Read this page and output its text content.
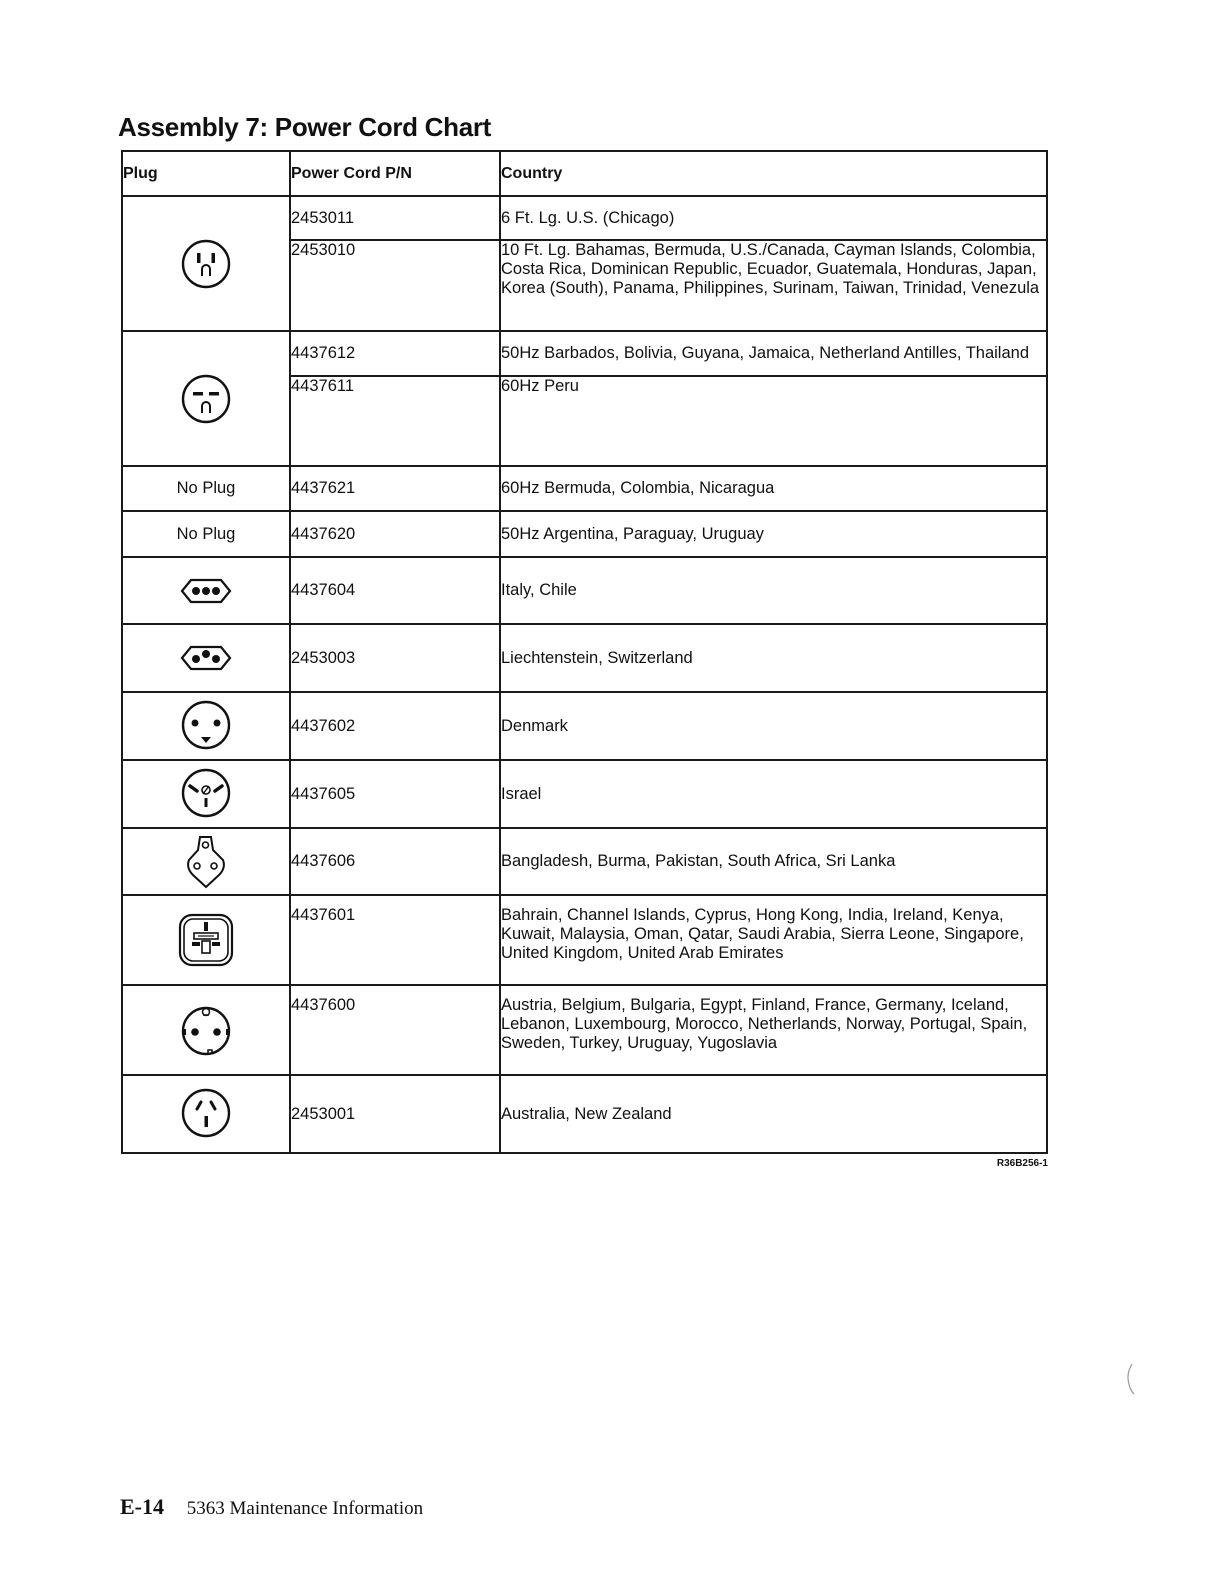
Assembly 7: Power Cord Chart
Plug	Power Cord P/N	Country
	2453011	6 Ft. Lg. U.S. (Chicago)
	2453010	10 Ft. Lg. Bahamas, Bermuda, U.S./Canada, Cayman Islands, Colombia, Costa Rica, Dominican Republic, Ecuador, Guatemala, Honduras, Japan, Korea (South), Panama, Philippines, Surinam, Taiwan, Trinidad, Venezula
	4437612	50Hz Barbados, Bolivia, Guyana, Jamaica, Netherland Antilles, Thailand
	4437611	60Hz Peru
No Plug	4437621	60Hz Bermuda, Colombia, Nicaragua
No Plug	4437620	50Hz Argentina, Paraguay, Uruguay
	4437604	Italy, Chile
	2453003	Liechtenstein, Switzerland
	4437602	Denmark
	4437605	Israel
	4437606	Bangladesh, Burma, Pakistan, South Africa, Sri Lanka
	4437601	Bahrain, Channel Islands, Cyprus, Hong Kong, India, Ireland, Kenya, Kuwait, Malaysia, Oman, Qatar, Saudi Arabia, Sierra Leone, Singapore, United Kingdom, United Arab Emirates
	4437600	Austria, Belgium, Bulgaria, Egypt, Finland, France, Germany, Iceland, Lebanon, Luxembourg, Morocco, Netherlands, Norway, Portugal, Spain, Sweden, Turkey, Uruguay, Yugoslavia
	2453001	Australia, New Zealand
R36B256-1
E-14 5363 Maintenance Information
